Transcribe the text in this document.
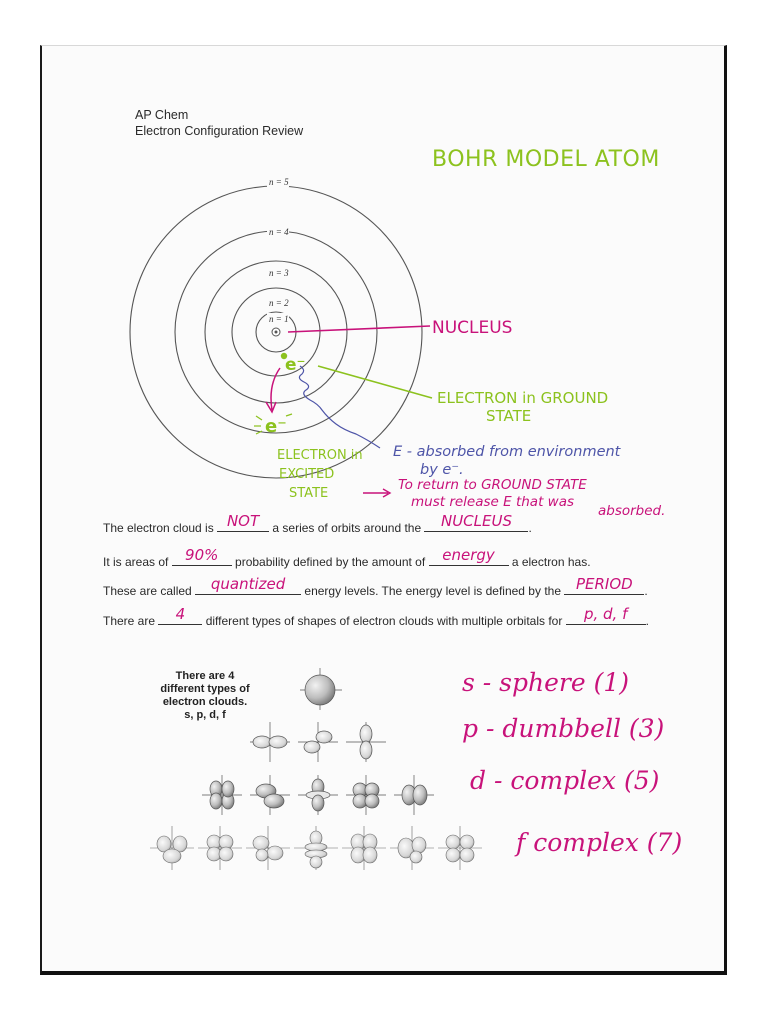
AP Chem
Electron Configuration Review
BOHR MODEL ATOM
n = 5
n = 4
n = 3
n = 2
n = 1	NUCLEUS
e⁻
ELECTRON in GROUND
STATE
e⁻
ELECTRON in
EXCITED
STATE
E - absorbed from environment
by e⁻.
To return to GROUND STATE
must release E that was
absorbed.
The electron cloud is NOT a series of orbits around the	NUCLEUS	.
It is areas of 90%	probability defined by the amount of energy	a electron has.
These are called	quantized	energy levels. The energy level is defined by the PERIOD .
There are	4	different types of shapes of electron clouds with multiple orbitals for	p, d, f	.
There are 4
different types of
electron clouds.
s, p, d, f
s - sphere (1)
p - dumbbell (3)
d - complex (5)
f complex (7)
